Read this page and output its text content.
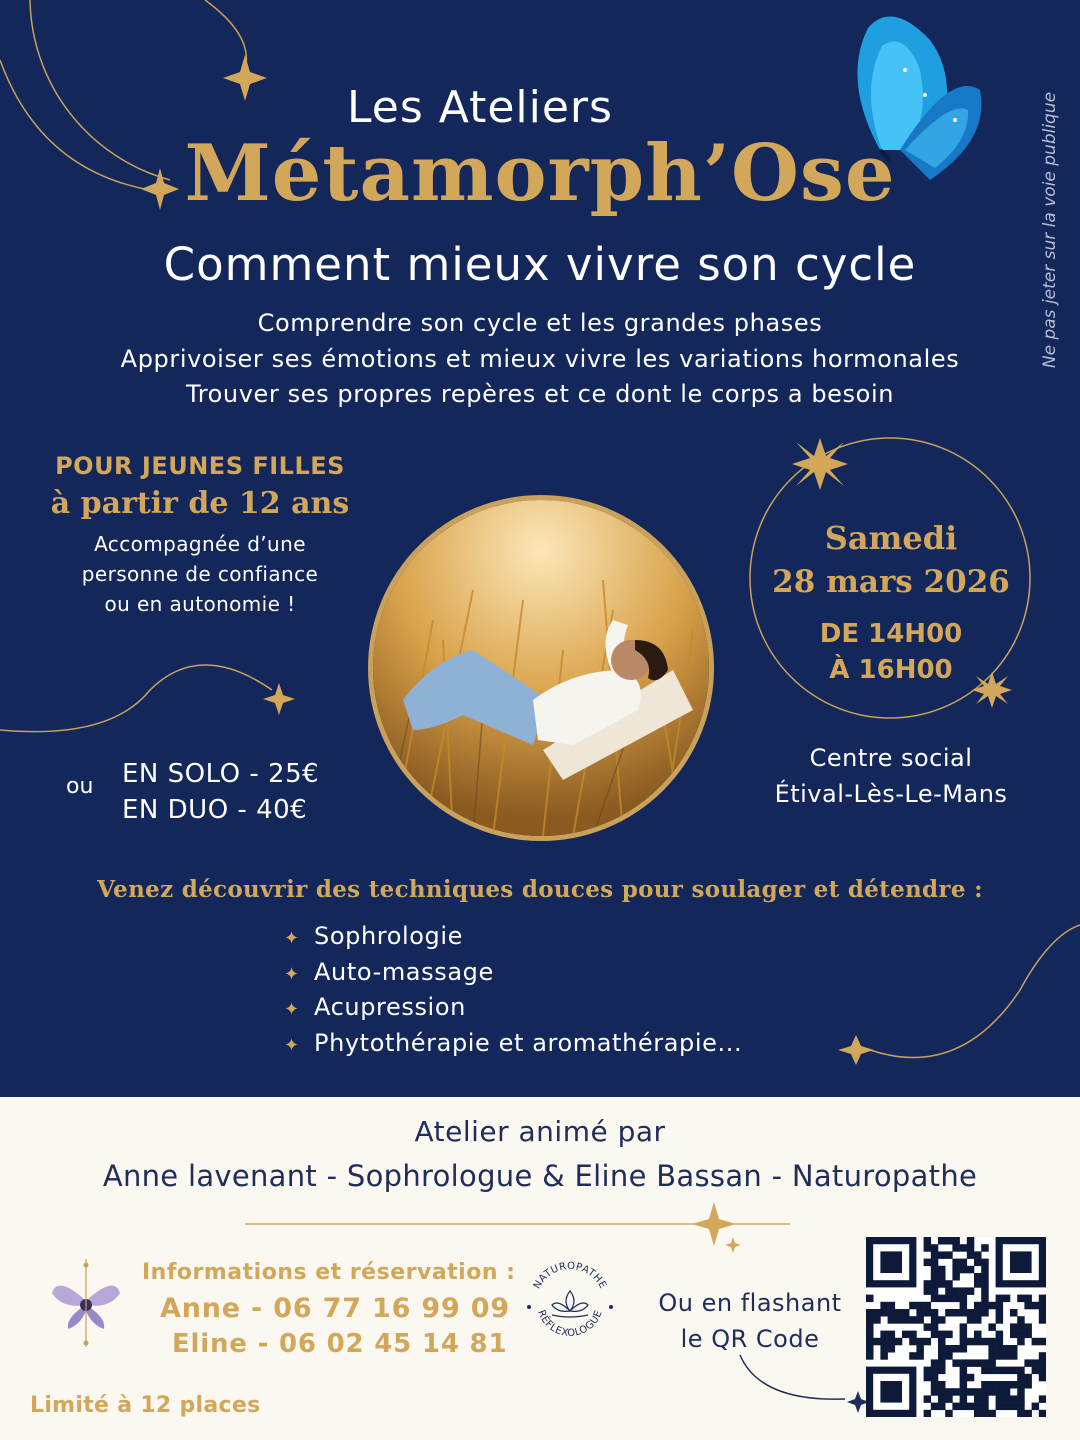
Les Ateliers
Métamorph’Ose
Comment mieux vivre son cycle
Comprendre son cycle et les grandes phases
Apprivoiser ses émotions et mieux vivre les variations hormonales
Trouver ses propres repères et ce dont le corps a besoin
Ne pas jeter sur la voie publique
POUR JEUNES FILLES
à partir de 12 ans
Accompagnée d’une
personne de confiance
ou en autonomie !
ou EN SOLO - 25€
EN DUO - 40€
Samedi
28 mars 2026
DE 14H00
À 16H00
Centre social
Étival-Lès-Le-Mans
Venez découvrir des techniques douces pour soulager et détendre :
✦ Sophrologie
✦ Auto-massage
✦ Acupression
✦ Phytothérapie et aromathérapie...
Atelier animé par
Anne lavenant - Sophrologue & Eline Bassan - Naturopathe
Informations et réservation :
Anne - 06 77 16 99 09
Eline - 06 02 45 14 81
NATUROPATHE
RÉFLEXOLOGUE	Ou en flashant
le QR Code
Limité à 12 places
